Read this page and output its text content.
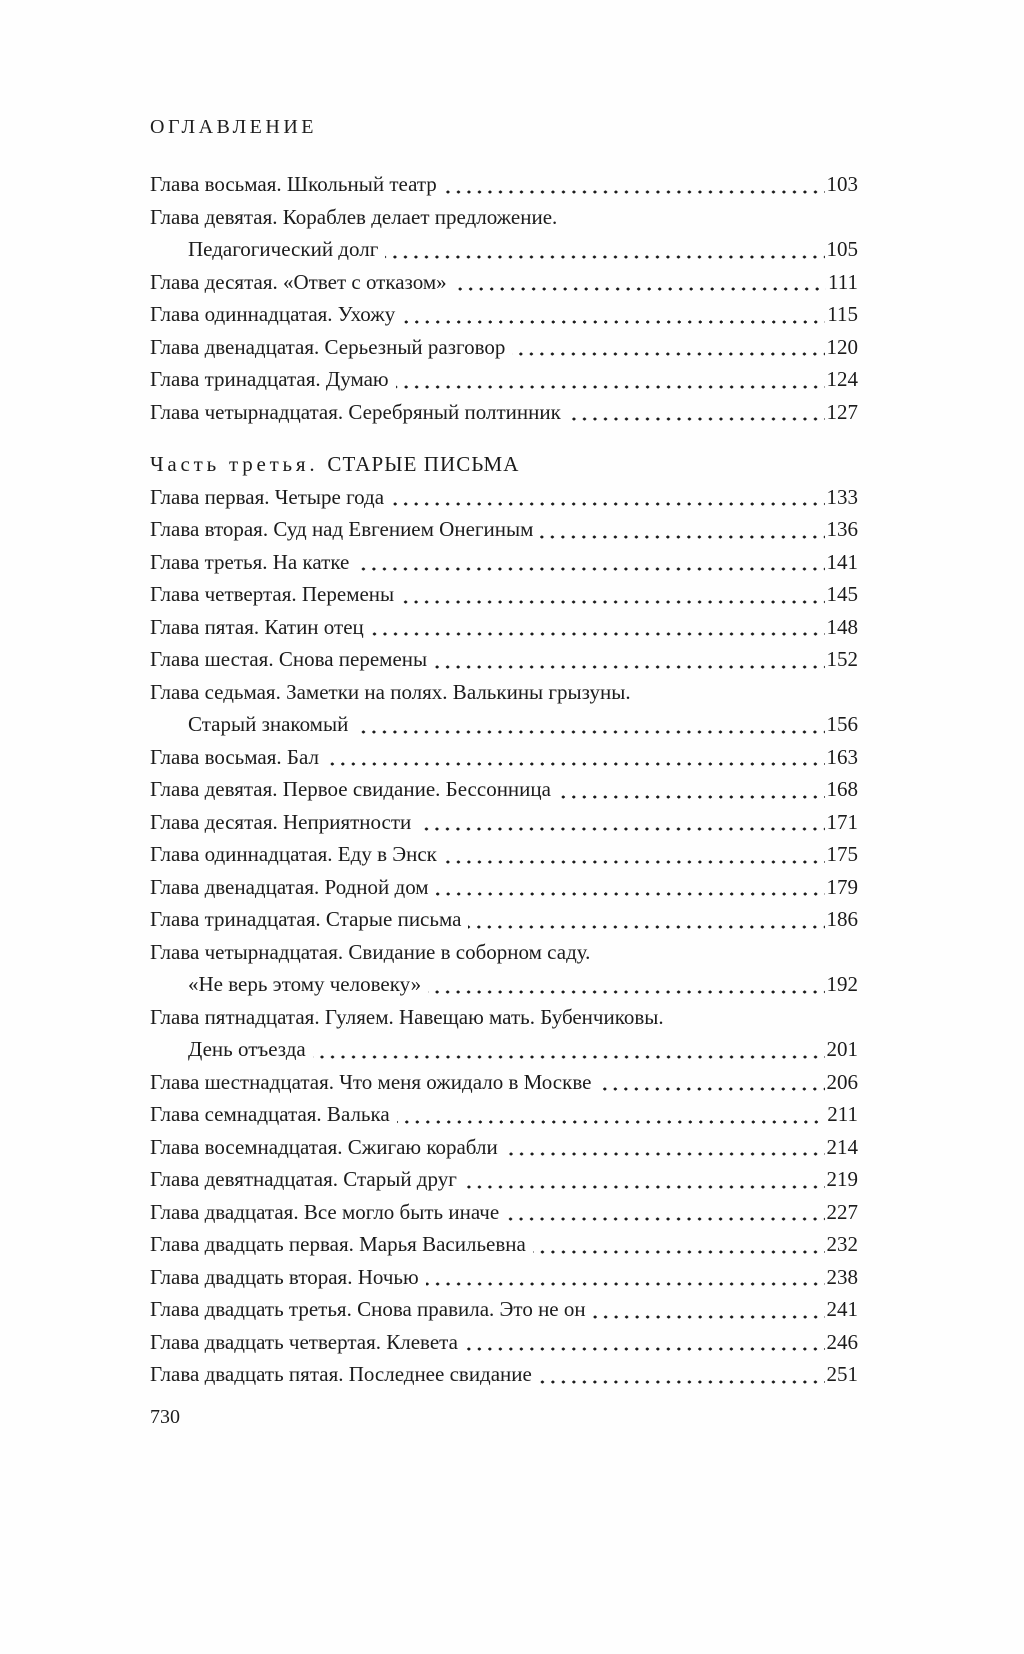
ОГЛАВЛЕНИЕ
Глава восьмая. Школьный театр	103
Глава девятая. Кораблев делает предложение.
Педагогический долг	105
Глава десятая. «Ответ с отказом»	111
Глава одиннадцатая. Ухожу	115
Глава двенадцатая. Серьезный разговор	120
Глава тринадцатая. Думаю	124
Глава четырнадцатая. Серебряный полтинник	127
Часть третья. СТАРЫЕ ПИСЬМА
Глава первая. Четыре года	133
Глава вторая. Суд над Евгением Онегиным	136
Глава третья. На катке	141
Глава четвертая. Перемены	145
Глава пятая. Катин отец	148
Глава шестая. Снова перемены	152
Глава седьмая. Заметки на полях. Валькины грызуны.
Старый знакомый	156
Глава восьмая. Бал	163
Глава девятая. Первое свидание. Бессонница	168
Глава десятая. Неприятности	171
Глава одиннадцатая. Еду в Энск	175
Глава двенадцатая. Родной дом	179
Глава тринадцатая. Старые письма	186
Глава четырнадцатая. Свидание в соборном саду.
«Не верь этому человеку»	192
Глава пятнадцатая. Гуляем. Навещаю мать. Бубенчиковы.
День отъезда	201
Глава шестнадцатая. Что меня ожидало в Москве	206
Глава семнадцатая. Валька	211
Глава восемнадцатая. Сжигаю корабли	214
Глава девятнадцатая. Старый друг	219
Глава двадцатая. Все могло быть иначе	227
Глава двадцать первая. Марья Васильевна	232
Глава двадцать вторая. Ночью	238
Глава двадцать третья. Снова правила. Это не он	241
Глава двадцать четвертая. Клевета	246
Глава двадцать пятая. Последнее свидание	251
730
